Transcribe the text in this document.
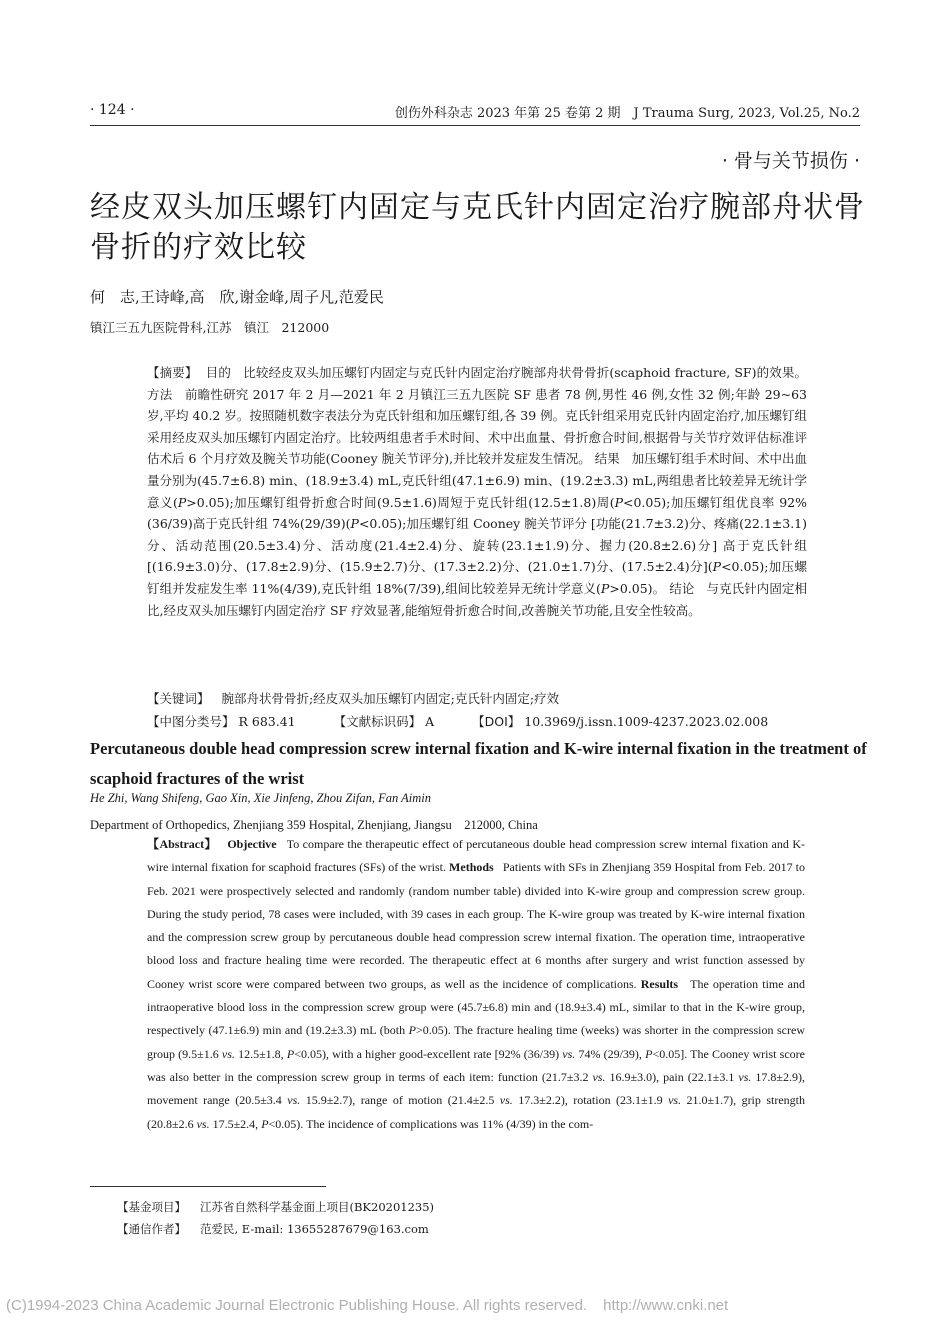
· 124 ·	创伤外科杂志 2023 年第 25 卷第 2 期　J Trauma Surg, 2023, Vol.25, No.2
· 骨与关节损伤 ·
经皮双头加压螺钉内固定与克氏针内固定治疗腕部舟状骨骨折的疗效比较
何　志,王诗峰,高　欣,谢金峰,周子凡,范爱民
镇江三五九医院骨科,江苏　镇江　212000
【摘要】 目的 比较经皮双头加压螺钉内固定与克氏针内固定治疗腕部舟状骨骨折(scaphoid fracture, SF)的效果。 方法 前瞻性研究 2017 年 2 月—2021 年 2 月镇江三五九医院 SF 患者 78 例,男性 46 例,女性 32 例;年龄 29~63 岁,平均 40.2 岁。按照随机数字表法分为克氏针组和加压螺钉组,各 39 例。克氏针组采用克氏针内固定治疗,加压螺钉组采用经皮双头加压螺钉内固定治疗。比较两组患者手术时间、术中出血量、骨折愈合时间,根据骨与关节疗效评估标准评估术后 6 个月疗效及腕关节功能(Cooney 腕关节评分),并比较并发症发生情况。 结果 加压螺钉组手术时间、术中出血量分别为(45.7±6.8) min、(18.9±3.4) mL,克氏针组(47.1±6.9) min、(19.2±3.3) mL,两组患者比较差异无统计学意义(P>0.05);加压螺钉组骨折愈合时间(9.5±1.6)周短于克氏针组(12.5±1.8)周(P<0.05);加压螺钉组优良率 92%(36/39)高于克氏针组 74%(29/39)(P<0.05);加压螺钉组 Cooney 腕关节评分 [功能(21.7±3.2)分、疼痛(22.1±3.1)分、活动范围(20.5±3.4)分、活动度(21.4±2.4)分、旋转(23.1±1.9)分、握力(20.8±2.6)分] 高于克氏针组 [(16.9±3.0)分、(17.8±2.9)分、(15.9±2.7)分、(17.3±2.2)分、(21.0±1.7)分、(17.5±2.4)分](P<0.05);加压螺钉组并发症发生率 11%(4/39),克氏针组 18%(7/39),组间比较差异无统计学意义(P>0.05)。 结论 与克氏针内固定相比,经皮双头加压螺钉内固定治疗 SF 疗效显著,能缩短骨折愈合时间,改善腕关节功能,且安全性较高。
【关键词】 腕部舟状骨骨折;经皮双头加压螺钉内固定;克氏针内固定;疗效
【中图分类号】 R 683.41	【文献标识码】 A	【DOI】 10.3969/j.issn.1009-4237.2023.02.008
Percutaneous double head compression screw internal fixation and K-wire internal fixation in the treatment of scaphoid fractures of the wrist
He Zhi, Wang Shifeng, Gao Xin, Xie Jinfeng, Zhou Zifan, Fan Aimin
Department of Orthopedics, Zhenjiang 359 Hospital, Zhenjiang, Jiangsu　212000, China
【Abstract】 Objective To compare the therapeutic effect of percutaneous double head compression screw internal fixation and K-wire internal fixation for scaphoid fractures (SFs) of the wrist. Methods Patients with SFs in Zhenjiang 359 Hospital from Feb. 2017 to Feb. 2021 were prospectively selected and randomly (random number table) divided into K-wire group and compression screw group. During the study period, 78 cases were included, with 39 cases in each group. The K-wire group was treated by K-wire internal fixation and the compression screw group by percutaneous double head compression screw internal fixation. The operation time, intraoperative blood loss and fracture healing time were recorded. The therapeutic effect at 6 months after surgery and wrist function assessed by Cooney wrist score were compared between two groups, as well as the incidence of complications. Results The operation time and intraoperative blood loss in the compression screw group were (45.7±6.8) min and (18.9±3.4) mL, similar to that in the K-wire group, respectively (47.1±6.9) min and (19.2±3.3) mL (both P>0.05). The fracture healing time (weeks) was shorter in the compression screw group (9.5±1.6 vs. 12.5±1.8, P<0.05), with a higher good-excellent rate [92% (36/39) vs. 74% (29/39), P<0.05]. The Cooney wrist score was also better in the compression screw group in terms of each item: function (21.7±3.2 vs. 16.9±3.0), pain (22.1±3.1 vs. 17.8±2.9), movement range (20.5±3.4 vs. 15.9±2.7), range of motion (21.4±2.5 vs. 17.3±2.2), rotation (23.1±1.9 vs. 21.0±1.7), grip strength (20.8±2.6 vs. 17.5±2.4, P<0.05). The incidence of complications was 11% (4/39) in the com-
【基金项目】 江苏省自然科学基金面上项目(BK20201235)
【通信作者】 范爱民, E-mail: 13655287679@163.com
(C)1994-2023 China Academic Journal Electronic Publishing House. All rights reserved. http://www.cnki.net
